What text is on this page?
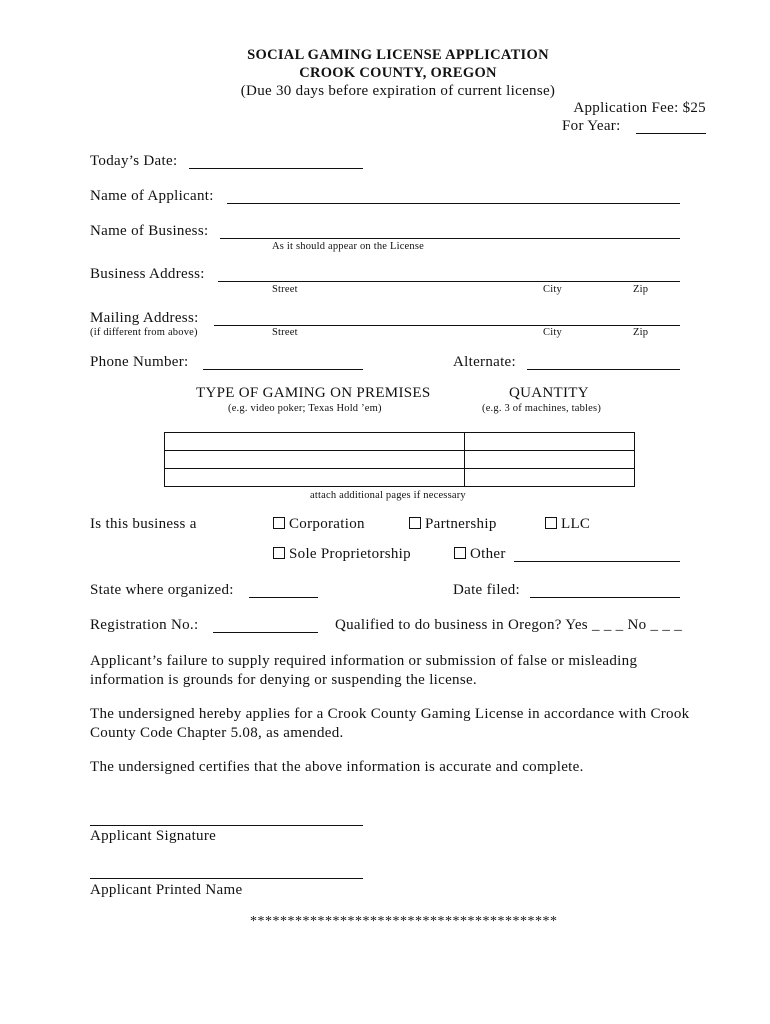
SOCIAL GAMING LICENSE APPLICATION
CROOK COUNTY, OREGON
(Due 30 days before expiration of current license)
Application Fee: $25
For Year:
Today’s Date:
Name of Applicant:
Name of Business:
As it should appear on the License
Business Address:
Street	City	Zip
Mailing Address:
(if different from above)	Street	City	Zip
Phone Number:	Alternate:
TYPE OF GAMING ON PREMISES
(e.g. video poker; Texas Hold ’em)
QUANTITY
(e.g. 3 of machines, tables)

attach additional pages if necessary
Is this business a	Corporation	Partnership	LLC
Sole Proprietorship	Other
State where organized:	Date filed:
Registration No.:	Qualified to do business in Oregon? Yes _ _ _ No _ _ _
Applicant’s failure to supply required information or submission of false or misleading information is grounds for denying or suspending the license.
The undersigned hereby applies for a Crook County Gaming License in accordance with Crook County Code Chapter 5.08, as amended.
The undersigned certifies that the above information is accurate and complete.
Applicant Signature
Applicant Printed Name
*****************************************
